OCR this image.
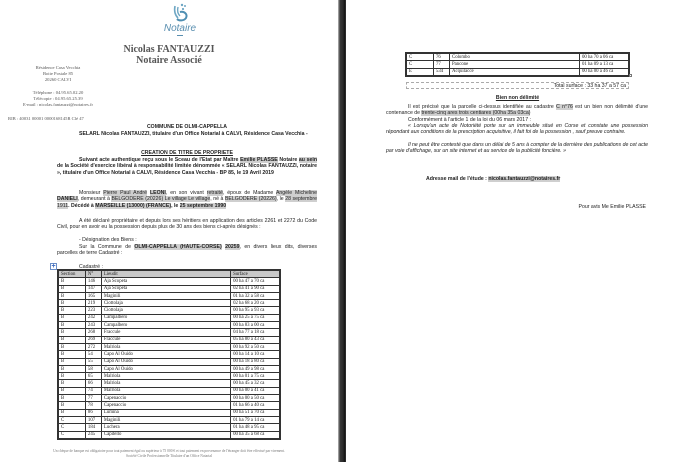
Notaire
Nicolas FANTAUZZI
Notaire Associé
Résidence Casa Vecchia
Boite Postale 85
20260 CALVI
Téléphone : 04.95.65.02.20
Télécopie : 04.95.65.25.39
E-mail : nicolas.fantauzzi@notaires.fr
RIB : 40031 00001 0000168145R Clé 47
COMMUNE DE OLMI-CAPPELLA
SELARL Nicolas FANTAUZZI, titulaire d'un Office Notarial à CALVI, Résidence Casa Vecchia -
CREATION DE TITRE DE PROPRIETE
Suivant acte authentique reçu sous le Sceau de l'Etat par Maître Emilie PLASSE Notaire au sein de la Société d'exercice libéral à responsabilité limitée dénommée « SELARL Nicolas FANTAUZZI, notaire », titulaire d'un Office Notarial à CALVI, Résidence Casa Vecchia - BP 85, le 19 Avril 2019
Monsieur Pierre Paul André LEONI, en son vivant retraité, époux de Madame Angèle Micheline DANIELI, demeurant à BELGODERE (20226) Le village Le village, né à BELGODERE (20226), le 28 septembre 1911. Décédé à MARSEILLE (13000) (FRANCE), le 25 septembre 1990
A été déclaré propriétaire et depuis lors ses héritiers en application des articles 2261 et 2272 du Code Civil, pour en avoir eu la possession depuis plus de 30 ans des biens ci-après désignés :
- Désignation des Biens :
Sur la Commune de OLMI-CAPPELLA (HAUTE-CORSE) 20259, en divers lieux dits, diverses parcelles de terre Cadastré :
+	Cadastré :
Section	N°	Lieudit	Surface
B	146	Aja Scopeta	00 ha 47 a 70 ca
B	147	Aja Scopeta	02 ha 41 a 90 ca
B	165	Maginili	01 ha 32 a 58 ca
B	219	Ciottolaja	02 ha 68 a 20 ca
B	223	Ciottolaja	00 ha 95 a 93 ca
B	242	Campalbero	00 ha 25 a 75 ca
B	243	Campalbero	00 ha 83 a 00 ca
B	268	Fraccule	04 ha 77 a 18 ca
B	269	Fraccule	05 ha 80 a 43 ca
B	272	Malriola	00 ha 92 a 50 ca
B	54	Capo Al Ouido	00 ha 14 a 10 ca
B	55	Capo Al Ouido	00 ha 18 a 80 ca
B	58	Capo Al Ouido	00 ha 49 a 98 ca
B	65	Malriola	00 ha 01 a 75 ca
B	66	Malriola	00 ha 45 a 32 ca
B	74	Malriola	00 ha 00 a 41 ca
B	77	Capenaccio	00 ha 00 a 50 ca
B	78	Capenaccio	01 ha 66 a 40 ca
B	86	Lumina	00 ha 51 a 70 ca
C	107	Maginili	01 ha 79 a 14 ca
C	184	Luchera	01 ha 48 a 95 ca
C	245	Capitello	00 ha 35 a 68 ca
Un chèque de banque est obligatoire pour tout paiement égal ou supérieur à 75 000 € et tout paiement en provenance de l'étranger doit être effectué par virement.
Société Civile Professionnelle Titulaire d'un Office Notarial
C	76	Colombo	00 ha 70 a 06 ca
C	77	Pancone	01 ha 09 a 13 ca
E	534	Acquilacce	00 ha 00 a 46 ca
Total surface : 33 ha 37 a 57 ca
Bien non délimité
Il est précisé que la parcelle ci-dessus identifiée au cadastre C n°76 est un bien non délimité d'une contenance de trente-cinq ares trois centiares (00ha 35a 03ca)
Conformément à l'article 1 de la loi du 06 mars 2017 :
« Lorsqu'un acte de Notoriété porte sur un immeuble situé en Corse et constate une possession répondant aux conditions de la prescription acquisitive, il fait foi de la possession , sauf preuve contraire.
Il ne peut être contesté que dans un délai de 5 ans à compter de la dernière des publications de cet acte par voie d'affichage, sur un site internet et au service de la publicité foncière. »
Adresse mail de l'étude : nicolas.fantauzzi@notaires.fr
Pour avis Me Emilie PLASSE
